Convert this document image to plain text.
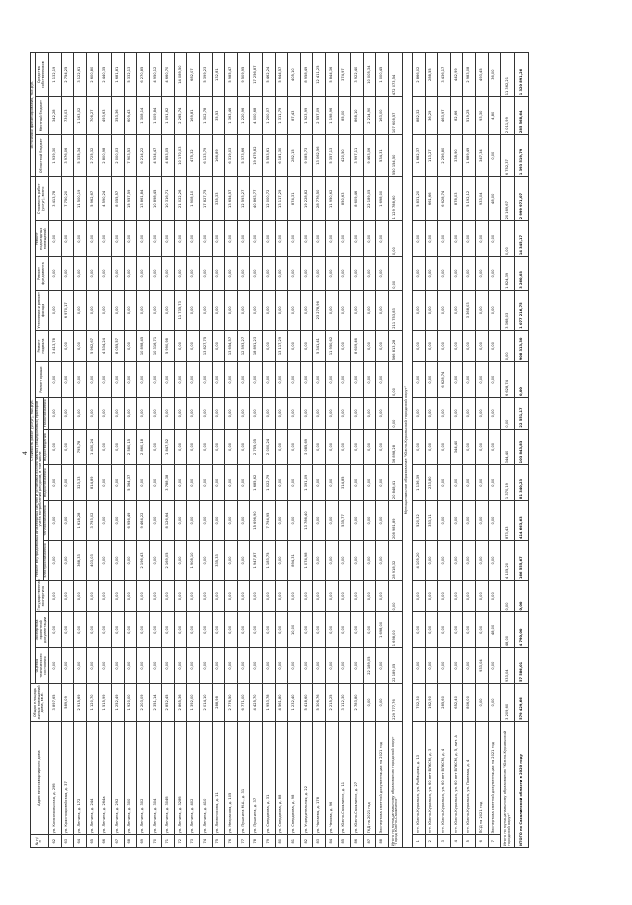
4
№ п/п	Адрес многоквартирного дома	Общая площадь жилых помещений дома, кв.м.	Стоимость работ (услуг), тыс.руб.														Источники финансирования, тыс.руб.		
			Оценка технического состояния	Экспертиза проектной документации	Государственная экспертиза	Ремонт внутридомовых инженерных систем и установка коллективных (общедомовых) приборов учета потребления ресурсов, в том числе					Ремонт крыши	Ремонт подвала	Утепление и ремонт фасада	Ремонт фундамента	Ремонт подъездных помещений	Стоимость работ (услуг), всего	Областной бюджет	Местный бюджет	Средства собственников
						электроснабжения	теплоснабжения	водоснабжения	водоотведения	газоснабжения									
62	ул. Комсомольская, д. 29б	3 897,65	0,00	0,00	0,00	0,00	0,00	0,00	0,00	0,00	0,00	3 413,78	0,00	0,00	0,00	3 413,78	1 939,30	342,28	1 132,19
63	ул. Красноармейская, д. 37	589,09	0,00	0,00	0,00	0,00	0,00	0,00	0,00	0,00	0,00	0,00	6 970,17	0,00	0,00	7 750,20	3 976,06	730,03	2 754,25
64	ул. Ленина, д. 172	2 915,69	0,00	0,00	0,00	368,33	1 618,28	323,33	795,78	0,00	0,00	0,00	0,00	0,00	0,00	11 500,19	5 335,34	1 163,02	3 122,61
65	ул. Ленина, д. 244	1 120,70	0,00	0,00	0,00	403,03	3 793,02	814,89	1 430,24	0,00	0,00	5 962,67	0,00	0,00	0,00	5 962,67	2 725,32	706,27	2 600,80
66	ул. Ленина, д. 264а	1 515,99	0,00	0,00	0,00	0,00	0,00	0,00	0,00	0,00	0,00	4 534,24	0,00	0,00	0,00	4 590,24	2 800,98	493,63	2 440,35
67	ул. Ленина, д. 292	1 252,49	0,00	0,00	0,00	0,00	0,00	0,00	0,00	0,00	0,00	8 055,57	0,00	0,00	0,00	8 055,57	2 000,03	353,36	1 681,81
68	ул. Ленина, д. 300	1 920,00	0,00	0,00	0,00	0,00	6 956,49	5 364,37	2 580,15	0,00	0,00	0,00	0,00	0,00	0,00	15 957,59	7 903,53	609,43	5 332,13
69	ул. Ленина, д. 302	2 203,09	0,00	0,00	0,00	2 196,43	9 464,22	0,00	2 860,18	0,00	0,00	10 898,45	0,00	0,00	0,00	13 861,84	6 214,22	1 308,14	6 270,85
70	ул. Ленина, д. 304	2 351,14	0,00	0,00	0,00	0,00	0,00	0,00	0,00	0,00	0,00	10 316,71	0,00	0,00	0,00	10 898,45	4 934,47	1 009,84	4 950,12
71	ул. Ленина, д. 304б	2 852,45	0,00	0,00	0,00	2 169,05	8 126,64	3 788,38	1 847,52	0,00	0,00	5 990,98	0,00	0,00	0,00	10 316,71	4 853,05	1 091,62	4 660,70
72	ул. Ленина, д. 328б	2 865,36	0,00	0,00	0,00	0,00	0,00	0,00	0,00	0,00	0,00	0,00	11 735,73	0,00	0,00	21 022,26	10 170,03	2 265,74	14 089,50
73	ул. Ленина, д. 402	1 392,00	0,00	0,00	0,00	1 908,10	0,00	0,00	0,00	0,00	0,00	0,00	0,00	0,00	0,00	1 908,10	475,32	169,81	682,07
74	ул. Ленина, д. 410	2 014,10	0,00	0,00	0,00	0,00	0,00	0,00	0,00	0,00	0,00	13 827,75	0,00	0,00	0,00	17 827,75	6 133,79	1 302,78	5 399,23
75	ул. Ломоносова, д. 11	288,98	0,00	0,00	0,00	335,33	0,00	0,00	0,00	0,00	0,00	0,00	0,00	0,00	0,00	335,33	166,89	35,53	132,81
76	ул. Некрасова, д. 105	2 776,50	0,00	0,00	0,00	0,00	0,00	0,00	0,00	0,00	0,00	13 654,57	0,00	0,00	0,00	13 654,57	6 319,03	1 363,46	5 985,47
77	ул. Пушкина М.А., д. 31	6 771,00	0,00	0,00	0,00	0,00	0,00	0,00	0,00	0,00	0,00	12 593,27	0,00	0,00	0,00	12 593,27	5 373,66	1 220,96	9 509,95
78	ул. Пушкина, д. 37	4 425,70	0,00	0,00	0,00	1 947,87	15 696,90	1 685,62	2 755,05	0,00	0,00	18 891,23	0,00	0,00	0,00	40 863,77	19 479,82	4 000,68	17 256,87
79	ул. Свердлова, д. 31	1 953,78	0,00	0,00	0,00	1 183,75	7 794,95	1 022,79	2 000,24	0,00	0,00	0,00	0,00	0,00	0,00	12 000,72	5 553,61	1 200,07	5 462,24
80	ул. Свердлова, д. 88	4 561,80	0,00	0,00	0,00	0,00	0,00	0,00	0,00	0,00	0,00	13 117,29	0,00	0,00	0,00	13 117,29	6 181,30	1 311,79	5 644,57
81	ул. Свердлова, д. 98	1 232,40	0,00	10,00	0,00	894,31	0,00	0,00	0,00	0,00	0,00	0,00	0,00	0,00	0,00	874,31	282,15	87,43	405,10
82	ул. Учредительная, д. 22	5 418,60	0,00	0,00	0,00	1 074,98	13 786,40	1 391,09	3 085,69	0,00	0,00	0,00	0,00	0,00	0,00	19 228,82	9 085,73	1 923,99	8 958,49
83	ул. Чапаева, д. 178	5 306,76	0,00	0,00	0,00	0,00	0,00	0,00	0,00	0,00	0,00	5 341,41	23 278,96	0,00	0,00	28 776,50	13 062,56	2 557,09	12 411,25
84	ул. Чехова, д. 96	2 215,25	0,00	0,00	0,00	0,00	0,00	0,00	0,00	0,00	0,00	11 950,62	0,00	0,00	0,00	11 950,62	5 357,13	1 198,96	5 844,36
85	ул. Южно-Сахалинск, д. 11	3 112,30	0,00	0,00	0,00	0,00	535,77	314,85	0,00	0,00	0,00	0,00	0,00	0,00	0,00	850,63	420,50	85,00	374,97
86	ул. Южно-Сахалинск, д. 27	2 783,80	0,00	0,00	0,00	0,00	0,00	0,00	0,00	0,00	0,00	8 609,46	0,00	0,00	0,00	8 609,46	3 997,11	868,10	3 922,40
87	ГКД на 2021 год	0,00	22 189,05	0,00	0,00	0,00	0,00	0,00	0,00	0,00	0,00	0,00	0,00	0,00	0,00	22 189,05	9 463,06	2 214,90	10 005,34
88	Экспертиза сметной документации на 2021 год	0,00	0,00	1 698,00	0,00	0,00	0,00	0,00	0,00	0,00	0,00	0,00	0,00	0,00	0,00	1 698,00	534,31	163,00	1 000,45
Итого по муниципальному образованию городской округ "Город Южно-Сахалинск"		229 777,76	22 189,05	1 698,00	0,00	28 918,32	208 981,89	20 848,41	36 898,28	0,00	0,00	566 813,28	211 753,83	0,00	0,00	1 129 788,60	550 154,50	107 608,57	472 073,54
Муниципальное образование "Южно-Курильский городской округ"																			
1	пгт. Южно-Курильск, ул. Рыбацкая, д. 13	702,30	0,00	0,00	0,00	4 105,20	520,32	1 136,39	0,00	0,00	0,00	0,00	0,00	0,00	0,00	5 831,20	1 682,37	882,32	2 866,02
2	пгт. Южно-Курильск, ул. 60 лет ВЛКСМ, д. 3	162,90	0,00	0,00	0,00	0,00	353,11	233,80	0,00	0,00	0,00	0,00	0,00	0,00	0,00	661,66	113,27	36,29	288,55
3	пгт. Южно-Курильск, ул. 60 лет ВЛКСМ, д. 4	285,60	0,00	0,00	0,00	0,00	0,00	0,00	0,00	0,00	6 628,74	0,00	0,00	0,00	0,00	6 628,74	2 256,80	463,97	3 436,17
4	пгт. Южно-Курильск, ул. 60 лет ВЛКСМ, д. 5, лит. А	652,40	0,00	0,00	0,00	0,00	0,00	0,00	344,40	0,00	0,00	0,00	0,00	0,00	0,00	878,03	338,90	82,66	442,99
5	пгт. Южно-Курильск, ул. Полевая, д. 4	806,00	0,00	0,00	0,00	0,00	0,00	0,00	0,00	0,00	0,00	0,00	3 368,03	0,00	0,00	5 192,12	1 689,49	519,25	2 983,08
6	ПСД на 2021 год	0,00	933,04	0,00	0,00	0,00	0,00	0,00	0,00	0,00	0,00	0,00	0,00	0,00	0,00	933,04	347,34	93,30	493,45
7	Экспертиза сметной документации на 2021 год	0,00	0,00	48,00	0,00	0,00	0,00	0,00	0,00	0,00	0,00	0,00	0,00	0,00	0,00	48,00	0,00	4,80	36,00
Итого по муниципальному образованию "Южно-Курильский городской округ"		3 209,60	933,04	48,00	0,00	4 105,20	873,43	1 370,19	344,40	0,00	6 628,74	0,00	3 368,03	1 824,39	0,00	20 169,67	6 752,37	2 011,99	11 362,21
ИТОГО по Сахалинской области в 2020 году		579 429,66	57 586,01	4 790,00	0,00	166 555,67	414 663,63	81 340,23	103 843,83	22 551,17	0,00	908 313,30	1 077 216,75	3 260,03	14 345,17	2 999 971,07	1 393 519,79	285 568,64	1 320 891,26
